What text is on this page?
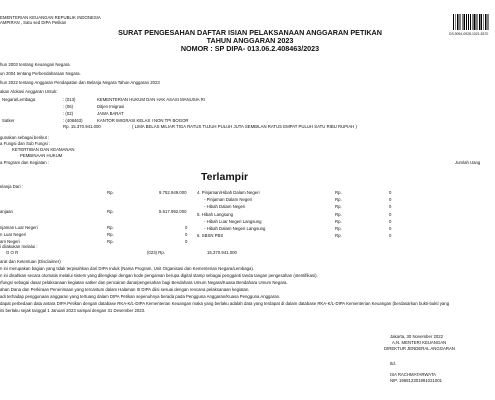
EMENTERIAN KEUANGAN REPUBLIK INDONESIA
AMPIRAN , Satu sed DIPA Petikan
SURAT PENGESAHAN DAFTAR ISIAN PELAKSANAAN ANGGARAN PETIKAN
TAHUN ANGGARAN 2023
NOMOR : SP DIPA- 013.06.2.408463/2023
DS:3094-0928-1021-8370
hun 2003 tentang Keuangan Negara.
un 2004 tentang Perbendaharaan Negara.
hun 2022 tentang Anggaran Pendapatan dan Belanja Negara Tahun Anggaran 2023
akan Alokasi Anggaran Untuk:
Negara/Lembaga	: (013)	KEMENTERIAN HUKUM DAN HAK ASASI MANUSIA RI
: (06)	Ditjen Imigrasi
: (02)	JAWA BARAT
Satker	: (408463)	KANTOR IMIGRASI KELAS I NON TPI BOGOR
Rp. 15.370.941.000	( LIMA BELAS MILIAR TIGA RATUS TUJUH PULUH JUTA SEMBILAN RATUS EMPAT PULUH SATU RIBU RUPIAH )
gunakan sebagai berikut :
a Fungsi dan Sub Fungsi :
KETERTIBAN DAN KEAMANAN
PEMBINAAN HUKUM
a Program dan Kegiatan :	Jumlah Uang
Terlampir
elanja Dari :
Rp.	9.752.949.000
anjaan	Rp.	5.617.992.000
njaman Luar Negeri	Rp.	0
n Luar Negeri	Rp.	0
am Negeri	Rp.	0
4. Pinjaman/Hibah Dalam Negeri	Rp.	0
- Pinjaman Dalam Negeri	Rp.	0
- Hibah Dalam Negeri	Rp.	0
5. Hibah Langsung	Rp.	0
- Hibah Luar Negeri Langsung	Rp.	0
- Hibah Dalam Negeri Langsung	Rp.	0
6. SBSN PBS	Rp.	0
i dilakukan melalui :
O O R	(023) Rp.	15.370.941.000
arat dan Ketentuan (Disclaimer)
n ini merupakan bagian yang tidak terpisahkan dari DIPA Induk (Nama Program, Unit Organisasi dan Kementerian Negara/Lembaga).
n ini disahkan secara otomatis melalui sistem yang dilengkapi dengan kode pengaman berupa digital stamp sebagai pengganti tanda tangan pengesahan (otentifikasi).
rfungsi sebagai dasar pelaksanaan kegiatan satker dan pencairan dana/pengesahan bagi Bendahara Umum Negara/Kuasa Bendahara Umum Negara.
ahan Dana dan Perkiraan Penerimaan yang tercantum dalam Halaman III DIPA diisi sesuai dengan rencana pelaksanaan kegiatan.
adi terhadap penggunaan anggaran yang tertuang dalam DIPA Petikan sepenuhnya berada pada Pengguna Anggaran/Kuasa Pengguna Anggaran.
dapat perbedaan data antara DIPA Petikan dengan database RKA-K/L-DIPA Kementerian Keuangan maka yang berlaku adalah data yang terdapat di dalam database RKA-K/L-DIPA Kementerian Keuangan (berdasarkan bukti-bukti yang
ini berlaku sejak tanggal 1 Januari 2023 sampai dengan 31 Desember 2023.
Jakarta, 30 November 2022
A.N. MENTERI KEUANGAN
DIREKTUR JENDERAL ANGGARAN
ttd.
ISA RACHMATARWATA
NIP. 196812301991021001
